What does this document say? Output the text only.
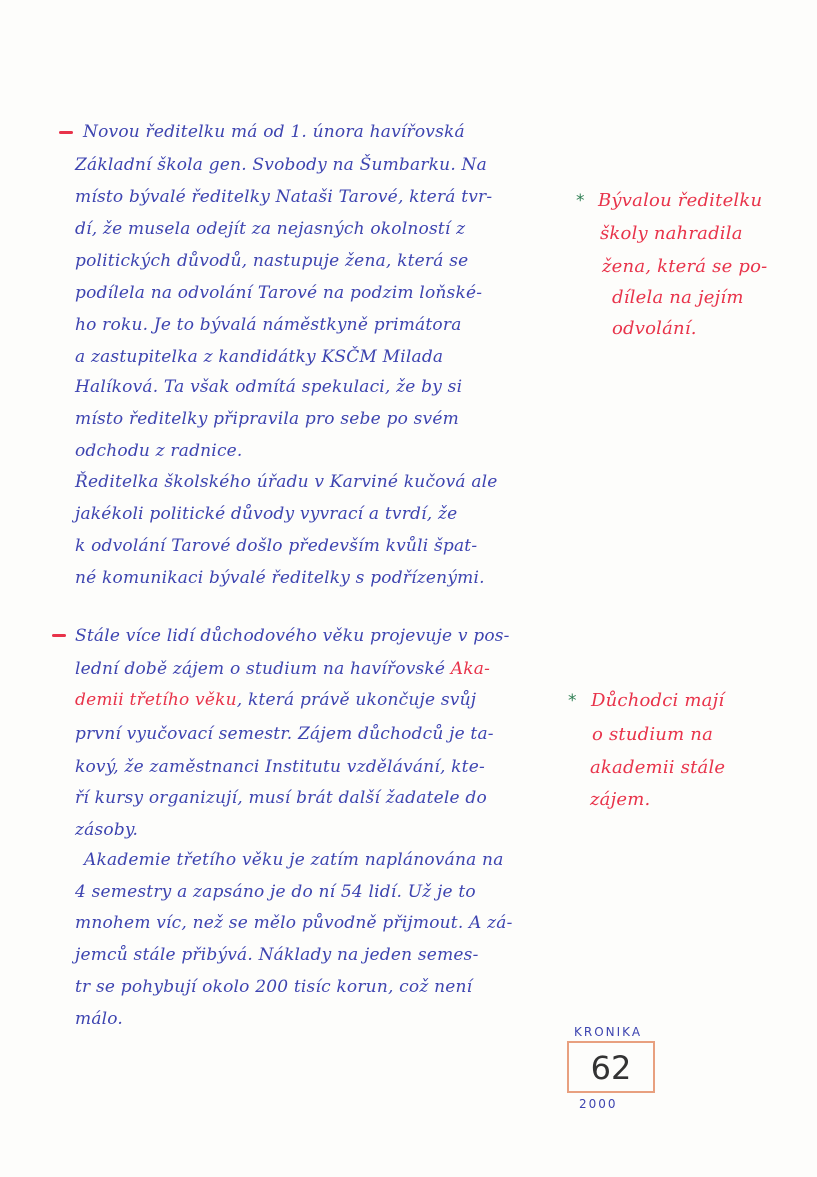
Novou ředitelku má od 1. února havířovská
Základní škola gen. Svobody na Šumbarku. Na
místo bývalé ředitelky Nataši Tarové, která tvr-
dí, že musela odejít za nejasných okolností z
politických důvodů, nastupuje žena, která se
podílela na odvolání Tarové na podzim loňské-
ho roku. Je to bývalá náměstkyně primátora
a zastupitelka z kandidátky KSČM Milada
Halíková. Ta však odmítá spekulaci, že by si
místo ředitelky připravila pro sebe po svém
odchodu z radnice.
Ředitelka školského úřadu v Karviné kučová ale
jakékoli politické důvody vyvrací a tvrdí, že
k odvolání Tarové došlo především kvůli špat-
né komunikaci bývalé ředitelky s podřízenými.
* Bývalou ředitelku
školy nahradila
žena, která se po-
dílela na jejím
odvolání.
Stále více lidí důchodového věku projevuje v pos-
lední době zájem o studium na havířovské Aka-
demii třetího věku, která právě ukončuje svůj
první vyučovací semestr. Zájem důchodců je ta-
kový, že zaměstnanci Institutu vzdělávání, kte-
ří kursy organizují, musí brát další žadatele do
zásoby.
Akademie třetího věku je zatím naplánována na
4 semestry a zapsáno je do ní 54 lidí. Už je to
mnohem víc, než se mělo původně přijmout. A zá-
jemců stále přibývá. Náklady na jeden semes-
tr se pohybují okolo 200 tisíc korun, což není
málo.
* Důchodci mají
o studium na
akademii stále
zájem.
KRONIKA
62
2000
